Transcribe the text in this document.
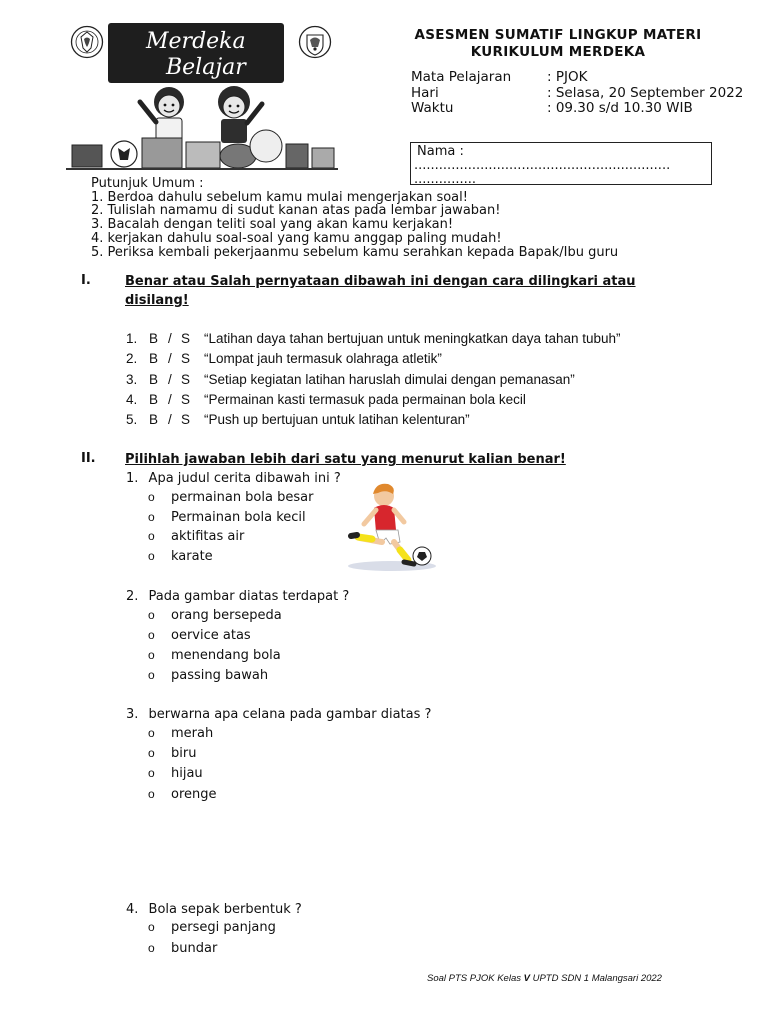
Merdeka
Belajar
ASESMEN SUMATIF LINGKUP MATERI
KURIKULUM MERDEKA
Mata Pelajaran	: PJOK
Hari	: Selasa, 20 September 2022
Waktu	: 09.30 s/d 10.30 WIB
Nama :
..............................................................
...............
Putunjuk Umum :
1. Berdoa dahulu sebelum kamu mulai mengerjakan soal!
2. Tulislah namamu di sudut kanan atas pada lembar jawaban!
3. Bacalah dengan teliti soal yang akan kamu kerjakan!
4. kerjakan dahulu soal-soal yang kamu anggap paling mudah!
5. Periksa kembali pekerjaanmu sebelum kamu serahkan kepada Bapak/Ibu guru
I.	Benar atau Salah pernyataan dibawah ini dengan cara dilingkari atau
disilang!
1. B / S “Latihan daya tahan bertujuan untuk meningkatkan daya tahan tubuh”
2. B / S “Lompat jauh termasuk olahraga atletik”
3. B / S “Setiap kegiatan latihan haruslah dimulai dengan pemanasan”
4. B / S “Permainan kasti termasuk pada permainan bola kecil
5. B / S “Push up bertujuan untuk latihan kelenturan”
II. Pilihlah jawaban lebih dari satu yang menurut kalian benar!
1. Apa judul cerita dibawah ini ?
o permainan bola besar
o Permainan bola kecil
o aktifitas air
o karate
2. Pada gambar diatas terdapat ?
o orang bersepeda
o oervice atas
o menendang bola
o passing bawah
3. berwarna apa celana pada gambar diatas ?
o merah
o biru
o hijau
o orenge
4. Bola sepak berbentuk ?
o persegi panjang
o bundar
Soal PTS PJOK Kelas V UPTD SDN 1 Malangsari 2022
